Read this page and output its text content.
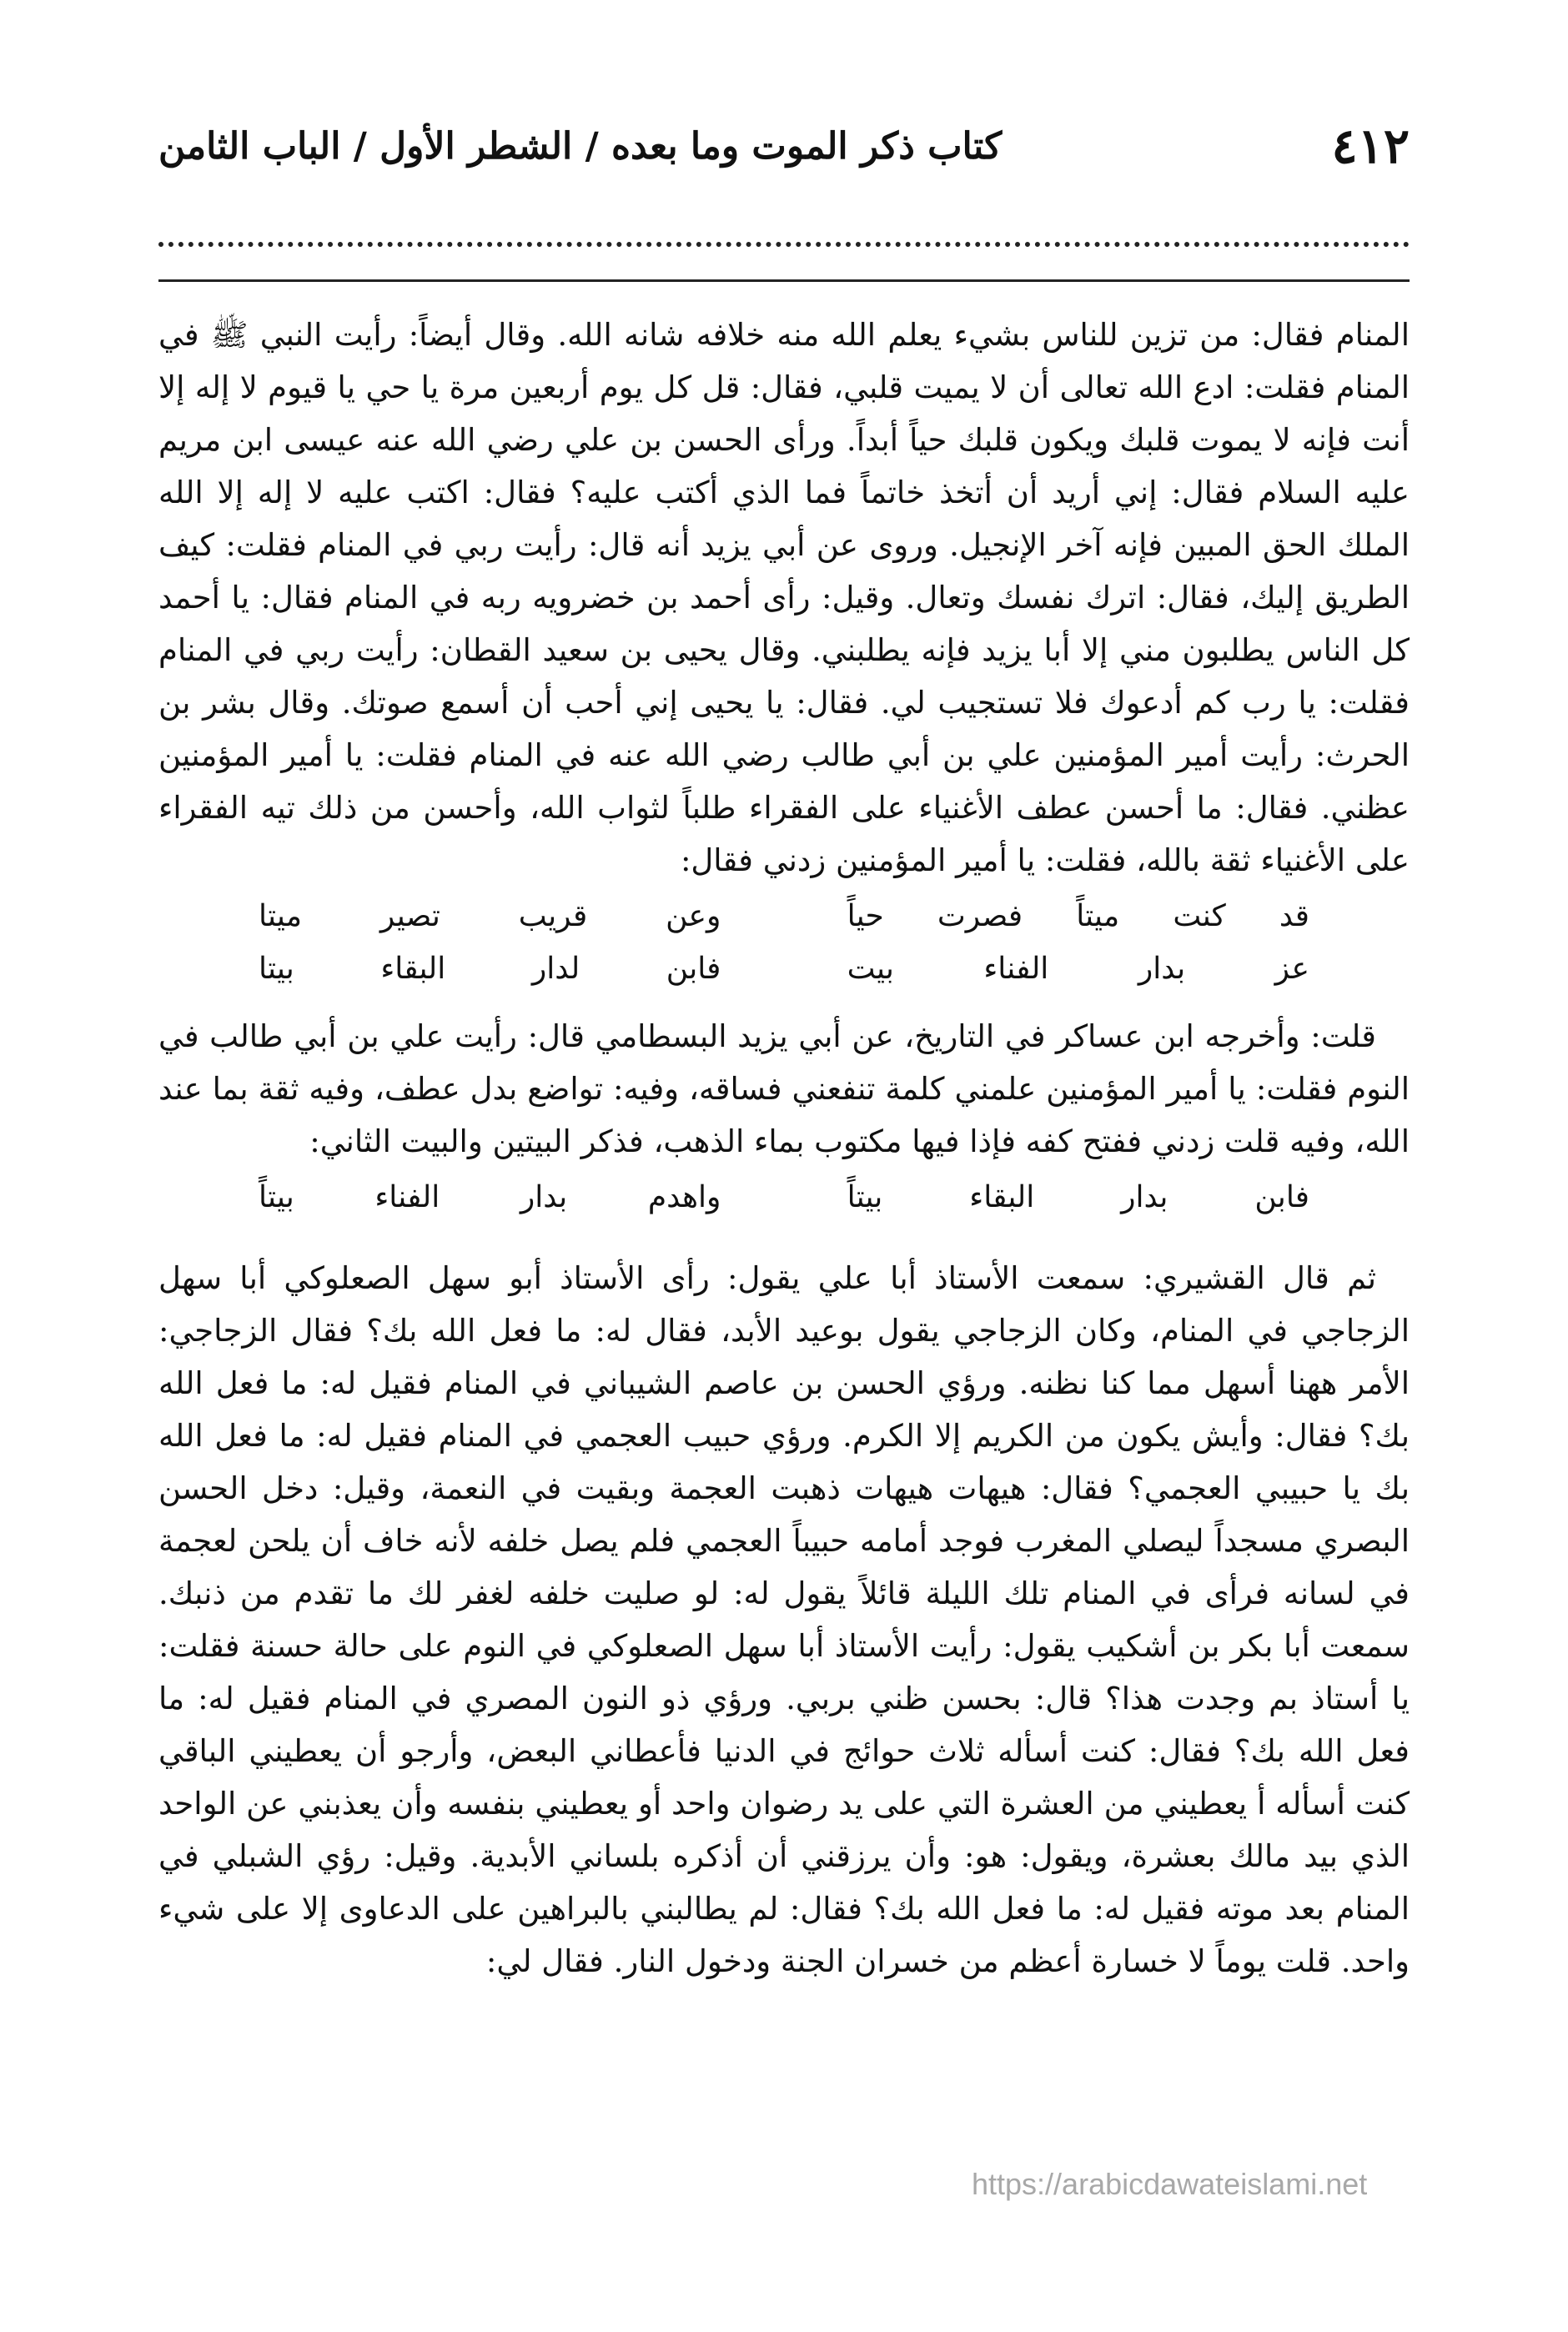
٤١٢
كتاب ذكر الموت وما بعده / الشطر الأول / الباب الثامن

المنام فقال: من تزين للناس بشيء يعلم الله منه خلافه شانه الله. وقال أيضاً: رأيت النبي ﷺ في المنام فقلت: ادع الله تعالى أن لا يميت قلبي، فقال: قل كل يوم أربعين مرة يا حي يا قيوم لا إله إلا أنت فإنه لا يموت قلبك ويكون قلبك حياً أبداً. ورأى الحسن بن علي رضي الله عنه عيسى ابن مريم عليه السلام فقال: إني أريد أن أتخذ خاتماً فما الذي أكتب عليه؟ فقال: اكتب عليه لا إله إلا الله الملك الحق المبين فإنه آخر الإنجيل. وروى عن أبي يزيد أنه قال: رأيت ربي في المنام فقلت: كيف الطريق إليك، فقال: اترك نفسك وتعال. وقيل: رأى أحمد بن خضرويه ربه في المنام فقال: يا أحمد كل الناس يطلبون مني إلا أبا يزيد فإنه يطلبني. وقال يحيى بن سعيد القطان: رأيت ربي في المنام فقلت: يا رب كم أدعوك فلا تستجيب لي. فقال: يا يحيى إني أحب أن أسمع صوتك. وقال بشر بن الحرث: رأيت أمير المؤمنين علي بن أبي طالب رضي الله عنه في المنام فقلت: يا أمير المؤمنين عظني. فقال: ما أحسن عطف الأغنياء على الفقراء طلباً لثواب الله، وأحسن من ذلك تيه الفقراء على الأغنياء ثقة بالله، فقلت: يا أمير المؤمنين زدني فقال:

قد كنت ميتاً فصرت حياً
وعن قريب تصير ميتا
عز بدار الفناء بيت
فابن لدار البقاء بيتا

قلت: وأخرجه ابن عساكر في التاريخ، عن أبي يزيد البسطامي قال: رأيت علي بن أبي طالب في النوم فقلت: يا أمير المؤمنين علمني كلمة تنفعني فساقه، وفيه: تواضع بدل عطف، وفيه ثقة بما عند الله، وفيه قلت زدني ففتح كفه فإذا فيها مكتوب بماء الذهب، فذكر البيتين والبيت الثاني:

فابن بدار البقاء بيتاً
واهدم بدار الفناء بيتاً

ثم قال القشيري: سمعت الأستاذ أبا علي يقول: رأى الأستاذ أبو سهل الصعلوكي أبا سهل الزجاجي في المنام، وكان الزجاجي يقول بوعيد الأبد، فقال له: ما فعل الله بك؟ فقال الزجاجي: الأمر ههنا أسهل مما كنا نظنه. ورؤي الحسن بن عاصم الشيباني في المنام فقيل له: ما فعل الله بك؟ فقال: وأيش يكون من الكريم إلا الكرم. ورؤي حبيب العجمي في المنام فقيل له: ما فعل الله بك يا حبيبي العجمي؟ فقال: هيهات هيهات ذهبت العجمة وبقيت في النعمة، وقيل: دخل الحسن البصري مسجداً ليصلي المغرب فوجد أمامه حبيباً العجمي فلم يصل خلفه لأنه خاف أن يلحن لعجمة في لسانه فرأى في المنام تلك الليلة قائلاً يقول له: لو صليت خلفه لغفر لك ما تقدم من ذنبك. سمعت أبا بكر بن أشكيب يقول: رأيت الأستاذ أبا سهل الصعلوكي في النوم على حالة حسنة فقلت: يا أستاذ بم وجدت هذا؟ قال: بحسن ظني بربي. ورؤي ذو النون المصري في المنام فقيل له: ما فعل الله بك؟ فقال: كنت أسأله ثلاث حوائج في الدنيا فأعطاني البعض، وأرجو أن يعطيني الباقي كنت أسأله أ يعطيني من العشرة التي على يد رضوان واحد أو يعطيني بنفسه وأن يعذبني عن الواحد الذي بيد مالك بعشرة، ويقول: هو: وأن يرزقني أن أذكره بلساني الأبدية. وقيل: رؤي الشبلي في المنام بعد موته فقيل له: ما فعل الله بك؟ فقال: لم يطالبني بالبراهين على الدعاوى إلا على شيء واحد. قلت يوماً لا خسارة أعظم من خسران الجنة ودخول النار. فقال لي:

https://arabicdawateislami.net
